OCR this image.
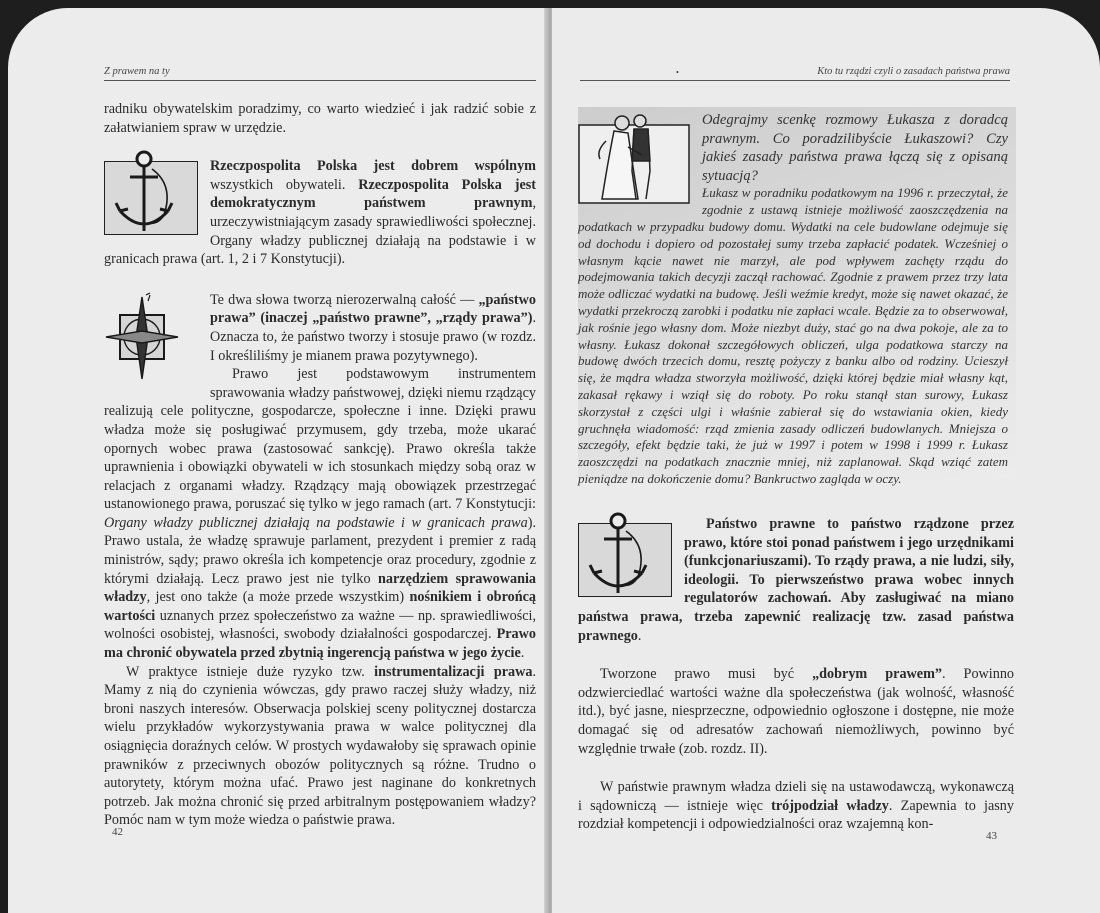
Z prawem na ty

radniku obywatelskim poradzimy, co warto wiedzieć i jak radzić sobie z załatwianiem spraw w urzędzie.

Rzeczpospolita Polska jest dobrem wspólnym wszystkich obywateli. Rzeczpospolita Polska jest demokratycznym państwem prawnym, urzeczywistniającym zasady sprawiedliwości społecznej. Organy władzy publicznej działają na podstawie i w granicach prawa (art. 1, 2 i 7 Konstytucji).

Te dwa słowa tworzą nierozerwalną całość — „państwo prawa” (inaczej „państwo prawne”, „rządy prawa”). Oznacza to, że państwo tworzy i stosuje prawo (w rozdz. I określiliśmy je mianem prawa pozytywnego).

Prawo jest podstawowym instrumentem sprawowania władzy państwowej, dzięki niemu rządzący realizują cele polityczne, gospodarcze, społeczne i inne. Dzięki prawu władza może się posługiwać przymusem, gdy trzeba, może ukarać opornych wobec prawa (zastosować sankcję). Prawo określa także uprawnienia i obowiązki obywateli w ich stosunkach między sobą oraz w relacjach z organami władzy. Rządzący mają obowiązek przestrzegać ustanowionego prawa, poruszać się tylko w jego ramach (art. 7 Konstytucji: Organy władzy publicznej działają na podstawie i w granicach prawa). Prawo ustala, że władzę sprawuje parlament, prezydent i premier z radą ministrów, sądy; prawo określa ich kompetencje oraz procedury, zgodnie z którymi działają. Lecz prawo jest nie tylko narzędziem sprawowania władzy, jest ono także (a może przede wszystkim) nośnikiem i obrońcą wartości uznanych przez społeczeństwo za ważne — np. sprawiedliwości, wolności osobistej, własności, swobody działalności gospodarczej. Prawo ma chronić obywatela przed zbytnią ingerencją państwa w jego życie.

W praktyce istnieje duże ryzyko tzw. instrumentalizacji prawa. Mamy z nią do czynienia wówczas, gdy prawo raczej służy władzy, niż broni naszych interesów. Obserwacja polskiej sceny politycznej dostarcza wielu przykładów wykorzystywania prawa w walce politycznej dla osiągnięcia doraźnych celów. W prostych wydawałoby się sprawach opinie prawników z przeciwnych obozów politycznych są różne. Trudno o autorytety, którym można ufać. Prawo jest naginane do konkretnych potrzeb. Jak można chronić się przed arbitralnym postępowaniem władzy? Pomóc nam w tym może wiedza o państwie prawa.

42
•	Kto tu rządzi czyli o zasadach państwa prawa

Odegrajmy scenkę rozmowy Łukasza z doradcą prawnym. Co poradzilibyście Łukaszowi? Czy jakieś zasady państwa prawa łączą się z opisaną sytuacją?

Łukasz w poradniku podatkowym na 1996 r. przeczytał, że zgodnie z ustawą istnieje możliwość zaoszczędzenia na podatkach w przypadku budowy domu. Wydatki na cele budowlane odejmuje się od dochodu i dopiero od pozostałej sumy trzeba zapłacić podatek. Wcześniej o własnym kącie nawet nie marzył, ale pod wpływem zachęty rządu do podejmowania takich decyzji zaczął rachować. Zgodnie z prawem przez trzy lata może odliczać wydatki na budowę. Jeśli weźmie kredyt, może się nawet okazać, że wydatki przekroczą zarobki i podatku nie zapłaci wcale. Będzie za to obserwował, jak rośnie jego własny dom. Może niezbyt duży, stać go na dwa pokoje, ale za to własny. Łukasz dokonał szczegółowych obliczeń, ulga podatkowa starczy na budowę dwóch trzecich domu, resztę pożyczy z banku albo od rodziny. Ucieszył się, że mądra władza stworzyła możliwość, dzięki której będzie miał własny kąt, zakasał rękawy i wziął się do roboty. Po roku stanął stan surowy, Łukasz skorzystał z części ulgi i właśnie zabierał się do wstawiania okien, kiedy gruchnęła wiadomość: rząd zmienia zasady odliczeń budowlanych. Mniejsza o szczegóły, efekt będzie taki, że już w 1997 i potem w 1998 i 1999 r. Łukasz zaoszczędzi na podatkach znacznie mniej, niż zaplanował. Skąd wziąć zatem pieniądze na dokończenie domu? Bankructwo zagląda w oczy.

Państwo prawne to państwo rządzone przez prawo, które stoi ponad państwem i jego urzędnikami (funkcjonariuszami). To rządy prawa, a nie ludzi, siły, ideologii. To pierwszeństwo prawa wobec innych regulatorów zachowań. Aby zasługiwać na miano państwa prawa, trzeba zapewnić realizację tzw. zasad państwa prawnego.

Tworzone prawo musi być „dobrym prawem”. Powinno odzwierciedlać wartości ważne dla społeczeństwa (jak wolność, własność itd.), być jasne, niesprzeczne, odpowiednio ogłoszone i dostępne, nie może domagać się od adresatów zachowań niemożliwych, powinno być względnie trwałe (zob. rozdz. II).

W państwie prawnym władza dzieli się na ustawodawczą, wykonawczą i sądowniczą — istnieje więc trójpodział władzy. Zapewnia to jasny rozdział kompetencji i odpowiedzialności oraz wzajemną kon-

43
